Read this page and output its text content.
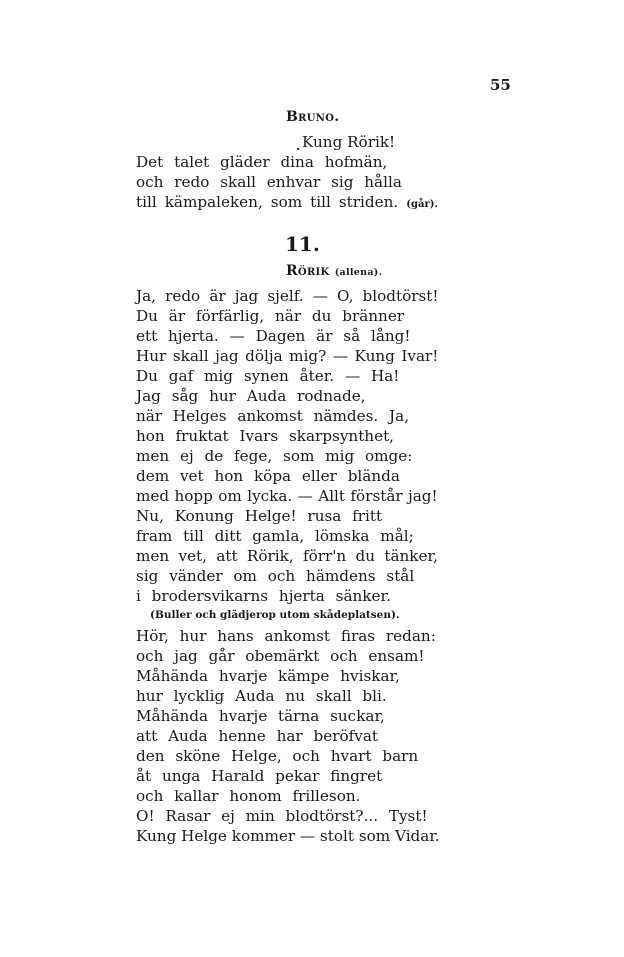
55
Bruno.
. Kung Rörik!
Det talet gläder dina hofmän,
och redo skall enhvar sig hålla
till kämpaleken, som till striden. (går).
11.
Rörik (allena).
Ja, redo är jag sjelf. — O, blodtörst!
Du är förfärlig, när du bränner
ett hjerta. — Dagen är så lång!
Hur skall jag dölja mig? — Kung Ivar!
Du gaf mig synen åter. — Ha!
Jag såg hur Auda rodnade,
när Helges ankomst nämdes. Ja,
hon fruktat Ivars skarpsynthet,
men ej de fege, som mig omge:
dem vet hon köpa eller blända
med hopp om lycka. — Allt förstår jag!
Nu, Konung Helge! rusa fritt
fram till ditt gamla, lömska mål;
men vet, att Rörik, förr'n du tänker,
sig vänder om och hämdens stål
i brodersvikarns hjerta sänker.
(Buller och glädjerop utom skådeplatsen).
Hör, hur hans ankomst firas redan:
och jag går obemärkt och ensam!
Måhända hvarje kämpe hviskar,
hur lycklig Auda nu skall bli.
Måhända hvarje tärna suckar,
att Auda henne har beröfvat
den sköne Helge, och hvart barn
åt unga Harald pekar fingret
och kallar honom frilleson.
O! Rasar ej min blodtörst?... Tyst!
Kung Helge kommer — stolt som Vidar.
